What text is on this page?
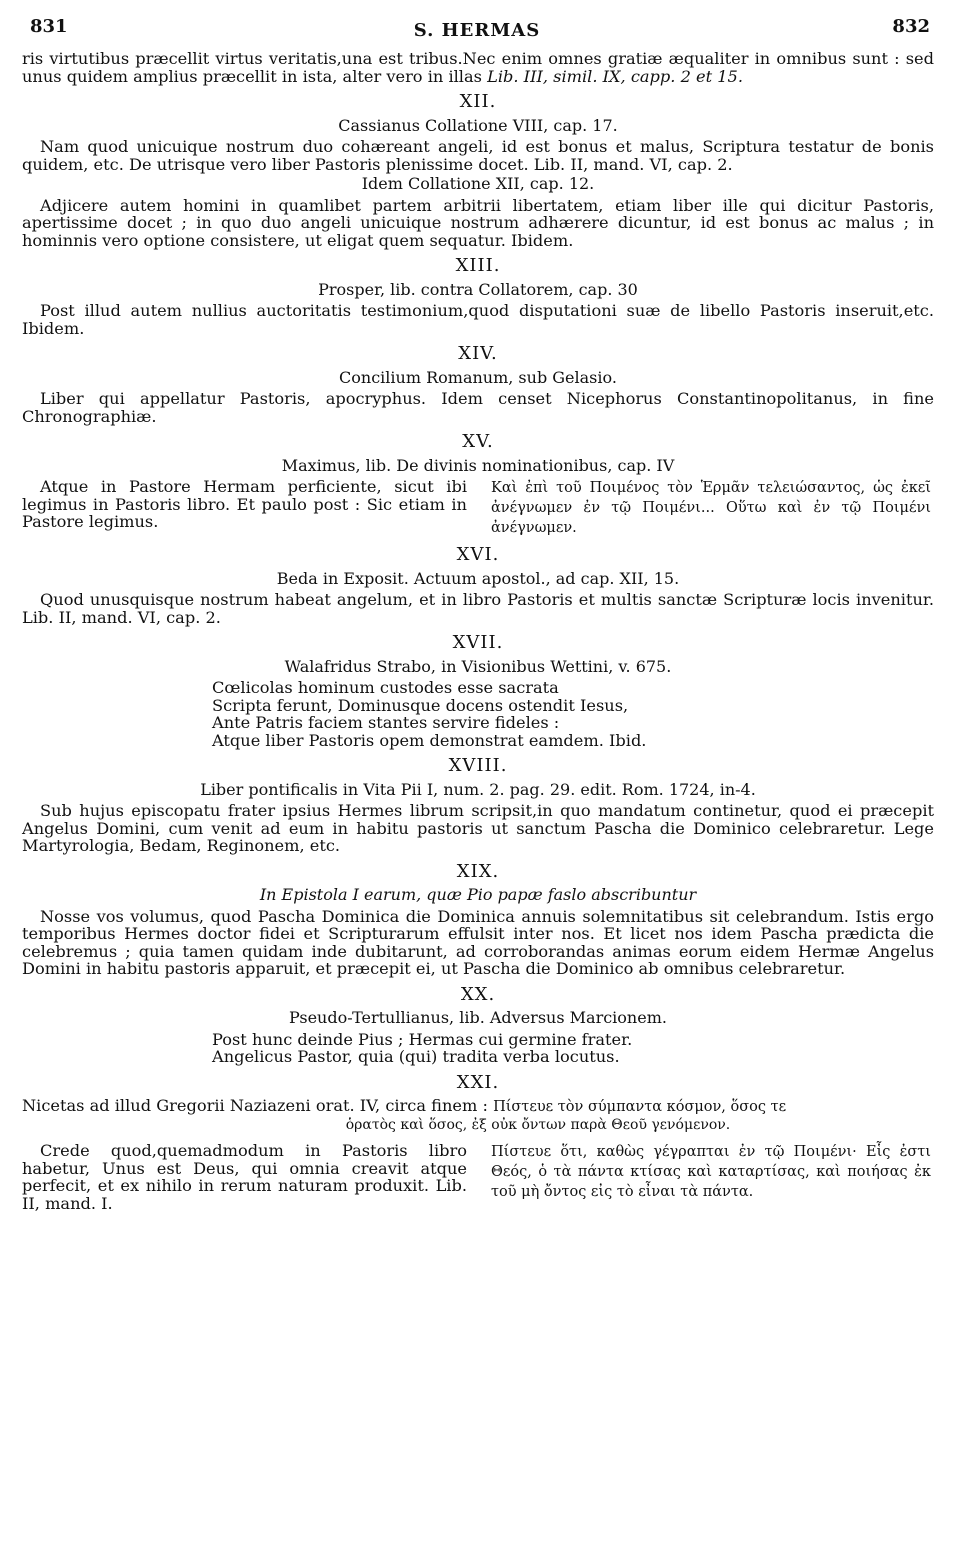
831	S. HERMAS	832

ris virtutibus præcellit virtus veritatis,una est tribus.Nec enim omnes gratiæ æqualiter in omnibus sunt : sed unus quidem amplius præcellit in ista, alter vero in illas Lib. III, simil. IX, capp. 2 et 15.

XII.
Cassianus Collatione VIII, cap. 17.

Nam quod unicuique nostrum duo cohæreant angeli, id est bonus et malus, Scriptura testatur de bonis quidem, etc. De utrisque vero liber Pastoris plenissime docet. Lib. II, mand. VI, cap. 2.

Idem Collatione XII, cap. 12.

Adjicere autem homini in quamlibet partem arbitrii libertatem, etiam liber ille qui dicitur Pastoris, apertissime docet ; in quo duo angeli unicuique nostrum adhærere dicuntur, id est bonus ac malus ; in hominnis vero optione consistere, ut eligat quem sequatur. Ibidem.

XIII.
Prosper, lib. contra Collatorem, cap. 30

Post illud autem nullius auctoritatis testimonium,quod disputationi suæ de libello Pastoris inseruit,etc. Ibidem.

XIV.
Concilium Romanum, sub Gelasio.

Liber qui appellatur Pastoris, apocryphus. Idem censet Nicephorus Constantinopolitanus, in fine Chronographiæ.

XV.
Maximus, lib. De divinis nominationibus, cap. IV
Atque in Pastore Hermam perficiente, sicut ibi legimus in Pastoris libro. Et paulo post : Sic etiam in Pastore legimus.
Καὶ ἐπὶ τοῦ Ποιμένος τὸν Ἑρμᾶν τελειώσαντος, ὡς ἐκεῖ ἀνέγνωμεν ἐν τῷ Ποιμένι... Οὕτω καὶ ἐν τῷ Ποιμένι ἀνέγνωμεν.
XVI.
Beda in Exposit. Actuum apostol., ad cap. XII, 15.

Quod unusquisque nostrum habeat angelum, et in libro Pastoris et multis sanctæ Scripturæ locis invenitur. Lib. II, mand. VI, cap. 2.

XVII.
Walafridus Strabo, in Visionibus Wettini, v. 675.
Cœlicolas hominum custodes esse sacrata
Scripta ferunt, Dominusque docens ostendit Iesus,
Ante Patris faciem stantes servire fideles :
Atque liber Pastoris opem demonstrat eamdem. Ibid.
XVIII.
Liber pontificalis in Vita Pii I, num. 2. pag. 29. edit. Rom. 1724, in-4.

Sub hujus episcopatu frater ipsius Hermes librum scripsit,in quo mandatum continetur, quod ei præcepit Angelus Domini, cum venit ad eum in habitu pastoris ut sanctum Pascha die Dominico celebraretur. Lege Martyrologia, Bedam, Reginonem, etc.

XIX.
In Epistola I earum, quæ Pio papæ faslo abscribuntur

Nosse vos volumus, quod Pascha Dominica die Dominica annuis solemnitatibus sit celebrandum. Istis ergo temporibus Hermes doctor fidei et Scripturarum effulsit inter nos. Et licet nos idem Pascha prædicta die celebremus ; quia tamen quidam inde dubitarunt, ad corroborandas animas eorum eidem Hermæ Angelus Domini in habitu pastoris apparuit, et præcepit ei, ut Pascha die Dominico ab omnibus celebraretur.

XX.
Pseudo-Tertullianus, lib. Adversus Marcionem.
Post hunc deinde Pius ; Hermas cui germine frater.
Angelicus Pastor, quia (qui) tradita verba locutus.
XXI.
Nicetas ad illud Gregorii Naziazeni orat. IV, circa finem : Πίστευε τὸν σύμπαντα κόσμον, ὅσος τε
ὁρατὸς καὶ ὅσος, ἐξ οὐκ ὄντων παρὰ Θεοῦ γενόμενον.
Crede quod,quemadmodum in Pastoris libro habetur, Unus est Deus, qui omnia creavit atque perfecit, et ex nihilo in rerum naturam produxit. Lib. II, mand. I.
Πίστευε ὅτι, καθὼς γέγραπται ἐν τῷ Ποιμένι· Εἷς ἐστι Θεός, ὁ τὰ πάντα κτίσας καὶ καταρτίσας, καὶ ποιήσας ἐκ τοῦ μὴ ὄντος εἰς τὸ εἶναι τὰ πάντα.
